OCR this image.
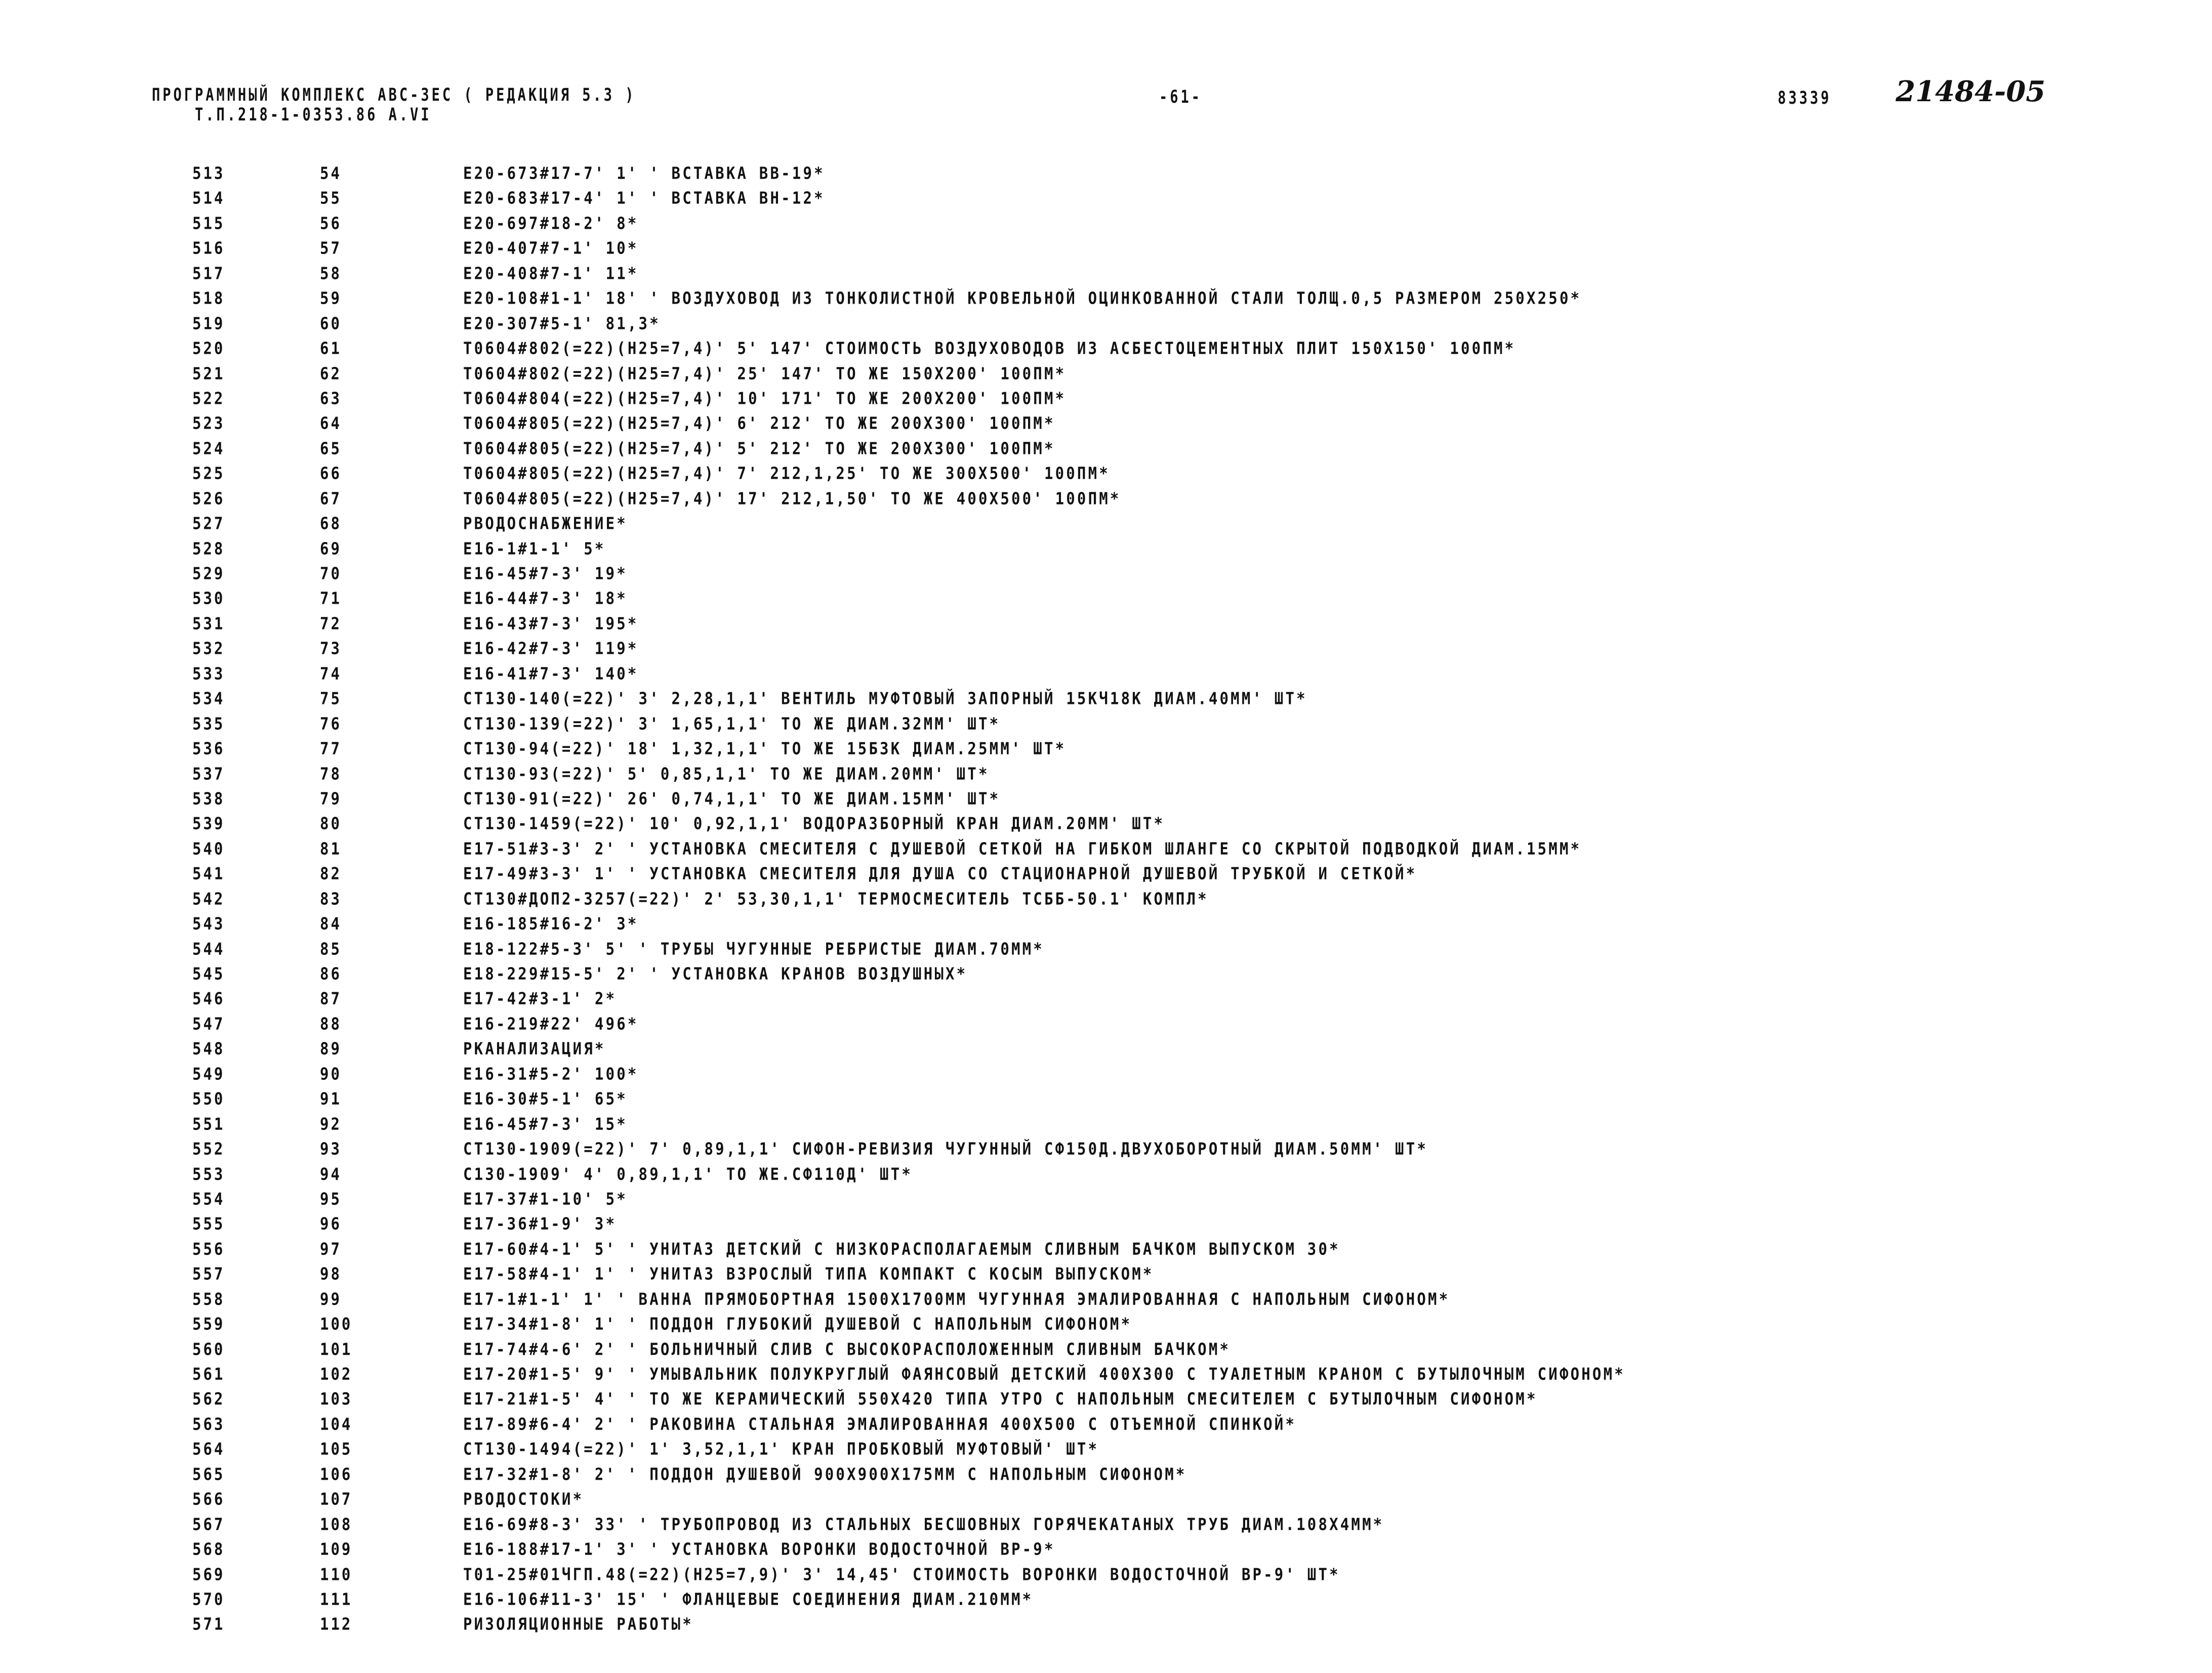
ПРОГРАММНЫЙ КОМПЛЕКС АВС-3ЕС ( РЕДАКЦИЯ 5.3 )
Т.П.218-1-0353.86 А.VI
-61-	83339 21484-05
513	54	Е20-673#17-7' 1' ' ВСТАВКА ВВ-19*
514	55	Е20-683#17-4' 1' ' ВСТАВКА ВН-12*
515	56	Е20-697#18-2' 8*
516	57	Е20-407#7-1' 10*
517	58	Е20-408#7-1' 11*
518	59	Е20-108#1-1' 18' ' ВОЗДУХОВОД ИЗ ТОНКОЛИСТНОЙ КРОВЕЛЬНОЙ ОЦИНКОВАННОЙ СТАЛИ ТОЛЩ.0,5 РАЗМЕРОМ 250Х250*
519	60	Е20-307#5-1' 81,3*
520	61	Т0604#802(=22)(Н25=7,4)' 5' 147' СТОИМОСТЬ ВОЗДУХОВОДОВ ИЗ АСБЕСТОЦЕМЕНТНЫХ ПЛИТ 150Х150' 100ПМ*
521	62	Т0604#802(=22)(Н25=7,4)' 25' 147' ТО ЖЕ 150Х200' 100ПМ*
522	63	Т0604#804(=22)(Н25=7,4)' 10' 171' ТО ЖЕ 200Х200' 100ПМ*
523	64	Т0604#805(=22)(Н25=7,4)' 6' 212' ТО ЖЕ 200Х300' 100ПМ*
524	65	Т0604#805(=22)(Н25=7,4)' 5' 212' ТО ЖЕ 200Х300' 100ПМ*
525	66	Т0604#805(=22)(Н25=7,4)' 7' 212,1,25' ТО ЖЕ 300Х500' 100ПМ*
526	67	Т0604#805(=22)(Н25=7,4)' 17' 212,1,50' ТО ЖЕ 400Х500' 100ПМ*
527	68	РВОДОСНАБЖЕНИЕ*
528	69	Е16-1#1-1' 5*
529	70	Е16-45#7-3' 19*
530	71	Е16-44#7-3' 18*
531	72	Е16-43#7-3' 195*
532	73	Е16-42#7-3' 119*
533	74	Е16-41#7-3' 140*
534	75	СТ130-140(=22)' 3' 2,28,1,1' ВЕНТИЛЬ МУФТОВЫЙ ЗАПОРНЫЙ 15КЧ18К ДИАМ.40ММ' ШТ*
535	76	СТ130-139(=22)' 3' 1,65,1,1' ТО ЖЕ ДИАМ.32ММ' ШТ*
536	77	СТ130-94(=22)' 18' 1,32,1,1' ТО ЖЕ 15Б3К ДИАМ.25ММ' ШТ*
537	78	СТ130-93(=22)' 5' 0,85,1,1' ТО ЖЕ ДИАМ.20ММ' ШТ*
538	79	СТ130-91(=22)' 26' 0,74,1,1' ТО ЖЕ ДИАМ.15ММ' ШТ*
539	80	СТ130-1459(=22)' 10' 0,92,1,1' ВОДОРАЗБОРНЫЙ КРАН ДИАМ.20ММ' ШТ*
540	81	Е17-51#3-3' 2' ' УСТАНОВКА СМЕСИТЕЛЯ С ДУШЕВОЙ СЕТКОЙ НА ГИБКОМ ШЛАНГЕ СО СКРЫТОЙ ПОДВОДКОЙ ДИАМ.15ММ*
541	82	Е17-49#3-3' 1' ' УСТАНОВКА СМЕСИТЕЛЯ ДЛЯ ДУША СО СТАЦИОНАРНОЙ ДУШЕВОЙ ТРУБКОЙ И СЕТКОЙ*
542	83	СТ130#ДОП2-3257(=22)' 2' 53,30,1,1' ТЕРМОСМЕСИТЕЛЬ ТСББ-50.1' КОМПЛ*
543	84	Е16-185#16-2' 3*
544	85	Е18-122#5-3' 5' ' ТРУБЫ ЧУГУННЫЕ РЕБРИСТЫЕ ДИАМ.70ММ*
545	86	Е18-229#15-5' 2' ' УСТАНОВКА КРАНОВ ВОЗДУШНЫХ*
546	87	Е17-42#3-1' 2*
547	88	Е16-219#22' 496*
548	89	РКАНАЛИЗАЦИЯ*
549	90	Е16-31#5-2' 100*
550	91	Е16-30#5-1' 65*
551	92	Е16-45#7-3' 15*
552	93	СТ130-1909(=22)' 7' 0,89,1,1' СИФОН-РЕВИЗИЯ ЧУГУННЫЙ СФ150Д.ДВУХОБОРОТНЫЙ ДИАМ.50ММ' ШТ*
553	94	С130-1909' 4' 0,89,1,1' ТО ЖЕ.СФ110Д' ШТ*
554	95	Е17-37#1-10' 5*
555	96	Е17-36#1-9' 3*
556	97	Е17-60#4-1' 5' ' УНИТАЗ ДЕТСКИЙ С НИЗКОРАСПОЛАГАЕМЫМ СЛИВНЫМ БАЧКОМ ВЫПУСКОМ 30*
557	98	Е17-58#4-1' 1' ' УНИТАЗ ВЗРОСЛЫЙ ТИПА КОМПАКТ С КОСЫМ ВЫПУСКОМ*
558	99	Е17-1#1-1' 1' ' ВАННА ПРЯМОБОРТНАЯ 1500Х1700ММ ЧУГУННАЯ ЭМАЛИРОВАННАЯ С НАПОЛЬНЫМ СИФОНОМ*
559	100	Е17-34#1-8' 1' ' ПОДДОН ГЛУБОКИЙ ДУШЕВОЙ С НАПОЛЬНЫМ СИФОНОМ*
560	101	Е17-74#4-6' 2' ' БОЛЬНИЧНЫЙ СЛИВ С ВЫСОКОРАСПОЛОЖЕННЫМ СЛИВНЫМ БАЧКОМ*
561	102	Е17-20#1-5' 9' ' УМЫВАЛЬНИК ПОЛУКРУГЛЫЙ ФАЯНСОВЫЙ ДЕТСКИЙ 400Х300 С ТУАЛЕТНЫМ КРАНОМ С БУТЫЛОЧНЫМ СИФОНОМ*
562	103	Е17-21#1-5' 4' ' ТО ЖЕ КЕРАМИЧЕСКИЙ 550Х420 ТИПА УТРО С НАПОЛЬНЫМ СМЕСИТЕЛЕМ С БУТЫЛОЧНЫМ СИФОНОМ*
563	104	Е17-89#6-4' 2' ' РАКОВИНА СТАЛЬНАЯ ЭМАЛИРОВАННАЯ 400Х500 С ОТЪЕМНОЙ СПИНКОЙ*
564	105	СТ130-1494(=22)' 1' 3,52,1,1' КРАН ПРОБКОВЫЙ МУФТОВЫЙ' ШТ*
565	106	Е17-32#1-8' 2' ' ПОДДОН ДУШЕВОЙ 900Х900Х175ММ С НАПОЛЬНЫМ СИФОНОМ*
566	107	РВОДОСТОКИ*
567	108	Е16-69#8-3' 33' ' ТРУБОПРОВОД ИЗ СТАЛЬНЫХ БЕСШОВНЫХ ГОРЯЧЕКАТАНЫХ ТРУБ ДИАМ.108Х4ММ*
568	109	Е16-188#17-1' 3' ' УСТАНОВКА ВОРОНКИ ВОДОСТОЧНОЙ ВР-9*
569	110	Т01-25#01ЧГП.48(=22)(Н25=7,9)' 3' 14,45' СТОИМОСТЬ ВОРОНКИ ВОДОСТОЧНОЙ ВР-9' ШТ*
570	111	Е16-106#11-3' 15' ' ФЛАНЦЕВЫЕ СОЕДИНЕНИЯ ДИАМ.210ММ*
571	112	РИЗОЛЯЦИОННЫЕ РАБОТЫ*
